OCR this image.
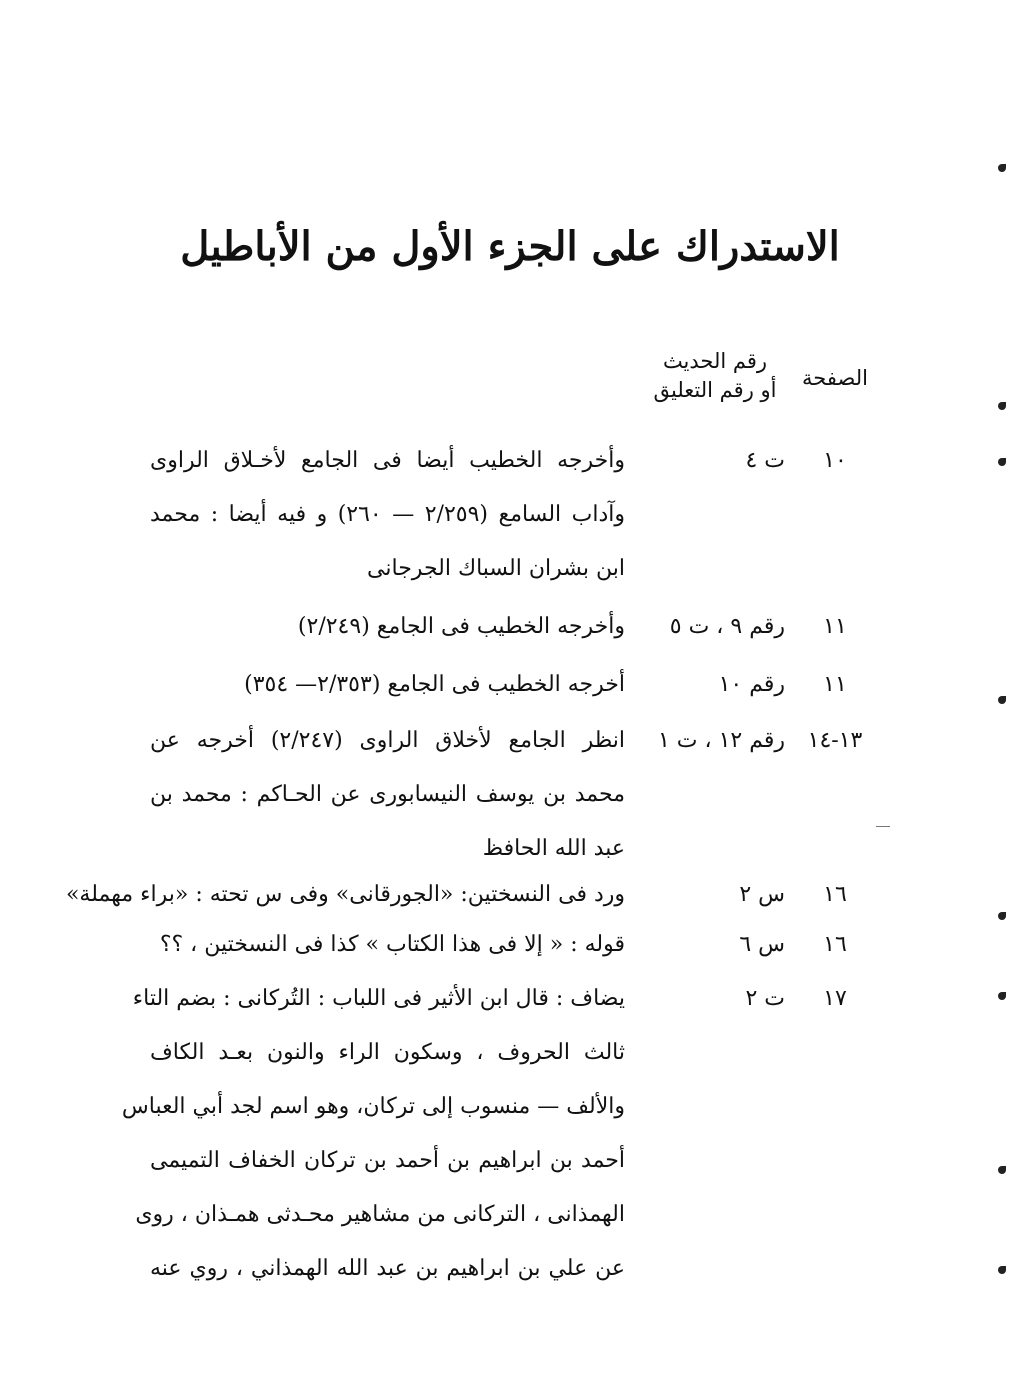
الاستدراك على الجزء الأول من الأباطيل
الصفحة
رقم الحديث
أو رقم التعليق
١٠
ت ٤
وأخرجه الخطيب أيضا فى الجامع لأخـلاق الراوى
وآداب السامع (٢/٢٥٩ — ٢٦٠) و فيه أيضا : محمد
ابن بشران السباك الجرجانى
١١
رقم ٩ ، ت ٥
وأخرجه الخطيب فى الجامع (٢/٢٤٩)
١١
رقم ١٠
أخرجه الخطيب فى الجامع (٢/٣٥٣— ٣٥٤)
١٣-١٤
رقم ١٢ ، ت ١
انظر الجامع لأخلاق الراوى (٢/٢٤٧) أخرجه عن
محمد بن يوسف النيسابورى عن الحـاكم : محمد بن
عبد الله الحافظ
١٦
س ٢
ورد فى النسختين: «الجورقانى» وفى س تحته : «براء مهملة»
١٦
س ٦
قوله : « إلا فى هذا الكتاب » كذا فى النسختين ، ؟؟
١٧
ت ٢
يضاف : قال ابن الأثير فى اللباب : التُركانى : بضم التاء
ثالث الحروف ، وسكون الراء والنون بعـد الكاف
والألف — منسوب إلى تركان، وهو اسم لجد أبي العباس
أحمد بن ابراهيم بن أحمد بن تركان الخفاف التميمى
الهمذانى ، التركانى من مشاهير محـدثى همـذان ، روى
عن علي بن ابراهيم بن عبد الله الهمذاني ، روي عنه
